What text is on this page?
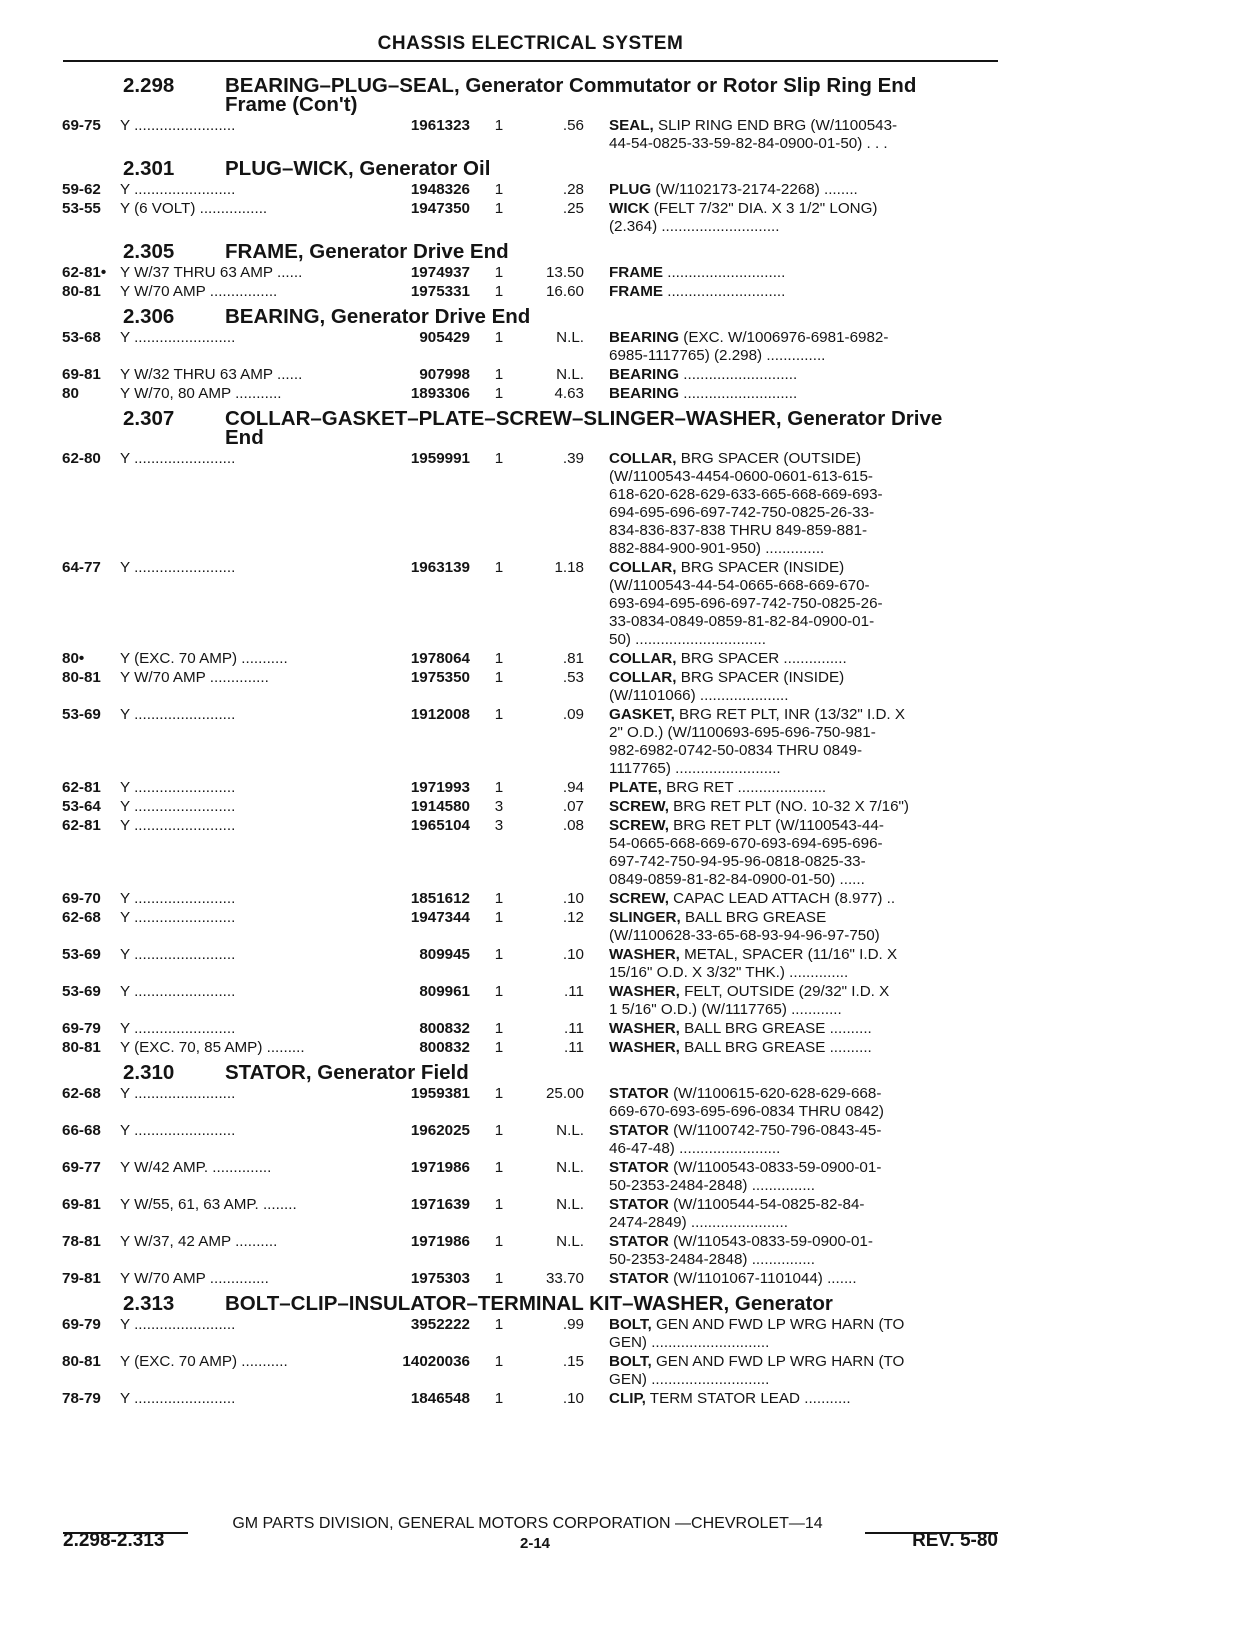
CHASSIS ELECTRICAL SYSTEM
2.298	BEARING–PLUG–SEAL, Generator Commutator or Rotor Slip Ring End
Frame (Con't)
69-75	Y ........................	1961323	1	.56	SEAL, SLIP RING END BRG (W/1100543-
44-54-0825-33-59-82-84-0900-01-50) . . .
2.301	PLUG–WICK, Generator Oil
59-62	Y ........................	1948326	1	.28	PLUG (W/1102173-2174-2268) ........
53-55	Y (6 VOLT) ................	1947350	1	.25	WICK (FELT 7/32" DIA. X 3 1/2" LONG)
(2.364) ............................
2.305	FRAME, Generator Drive End
62-81• Y W/37 THRU 63 AMP ......	1974937	1	13.50	FRAME ............................
80-81	Y W/70 AMP ................	1975331	1	16.60	FRAME ............................
2.306	BEARING, Generator Drive End
53-68	Y ........................	905429	1	N.L.	BEARING (EXC. W/1006976-6981-6982-
6985-1117765) (2.298) ..............
69-81	Y W/32 THRU 63 AMP ......	907998	1	N.L.	BEARING ...........................
80	Y W/70, 80 AMP ...........	1893306	1	4.63	BEARING ...........................
2.307	COLLAR–GASKET–PLATE–SCREW–SLINGER–WASHER, Generator Drive
End
62-80	Y ........................	1959991	1	.39	COLLAR, BRG SPACER (OUTSIDE)
(W/1100543-4454-0600-0601-613-615-
618-620-628-629-633-665-668-669-693-
694-695-696-697-742-750-0825-26-33-
834-836-837-838 THRU 849-859-881-
882-884-900-901-950) ..............
64-77	Y ........................	1963139	1	1.18	COLLAR, BRG SPACER (INSIDE)
(W/1100543-44-54-0665-668-669-670-
693-694-695-696-697-742-750-0825-26-
33-0834-0849-0859-81-82-84-0900-01-
50) ...............................
80•	Y (EXC. 70 AMP) ...........	1978064	1	.81	COLLAR, BRG SPACER ...............
80-81	Y W/70 AMP ..............	1975350	1	.53	COLLAR, BRG SPACER (INSIDE)
(W/1101066) .....................
53-69	Y ........................	1912008	1	.09	GASKET, BRG RET PLT, INR (13/32" I.D. X
2" O.D.) (W/1100693-695-696-750-981-
982-6982-0742-50-0834 THRU 0849-
1117765) .........................
62-81	Y ........................	1971993	1	.94	PLATE, BRG RET .....................
53-64	Y ........................	1914580	3	.07	SCREW, BRG RET PLT (NO. 10-32 X 7/16")
62-81	Y ........................	1965104	3	.08	SCREW, BRG RET PLT (W/1100543-44-
54-0665-668-669-670-693-694-695-696-
697-742-750-94-95-96-0818-0825-33-
0849-0859-81-82-84-0900-01-50) ......
69-70	Y ........................	1851612	1	.10	SCREW, CAPAC LEAD ATTACH (8.977) ..
62-68	Y ........................	1947344	1	.12	SLINGER, BALL BRG GREASE
(W/1100628-33-65-68-93-94-96-97-750)
53-69	Y ........................	809945	1	.10	WASHER, METAL, SPACER (11/16" I.D. X
15/16" O.D. X 3/32" THK.) ..............
53-69	Y ........................	809961	1	.11	WASHER, FELT, OUTSIDE (29/32" I.D. X
1 5/16" O.D.) (W/1117765) ............
69-79	Y ........................	800832	1	.11	WASHER, BALL BRG GREASE ..........
80-81	Y (EXC. 70, 85 AMP) .........	800832	1	.11	WASHER, BALL BRG GREASE ..........
2.310	STATOR, Generator Field
62-68	Y ........................	1959381	1	25.00	STATOR (W/1100615-620-628-629-668-
669-670-693-695-696-0834 THRU 0842)
66-68	Y ........................	1962025	1	N.L.	STATOR (W/1100742-750-796-0843-45-
46-47-48) ........................
69-77	Y W/42 AMP. ..............	1971986	1	N.L.	STATOR (W/1100543-0833-59-0900-01-
50-2353-2484-2848) ...............
69-81	Y W/55, 61, 63 AMP. ........	1971639	1	N.L.	STATOR (W/1100544-54-0825-82-84-
2474-2849) .......................
78-81	Y W/37, 42 AMP ..........	1971986	1	N.L.	STATOR (W/110543-0833-59-0900-01-
50-2353-2484-2848) ...............
79-81	Y W/70 AMP ..............	1975303	1	33.70	STATOR (W/1101067-1101044) .......
2.313	BOLT–CLIP–INSULATOR–TERMINAL KIT–WASHER, Generator
69-79	Y ........................	3952222	1	.99	BOLT, GEN AND FWD LP WRG HARN (TO
GEN) ............................
80-81	Y (EXC. 70 AMP) ...........	14020036	1	.15	BOLT, GEN AND FWD LP WRG HARN (TO
GEN) ............................
78-79	Y ........................	1846548	1	.10	CLIP, TERM STATOR LEAD ...........
GM PARTS DIVISION, GENERAL MOTORS CORPORATION —CHEVROLET—14
2.298-2.313	2-14	REV. 5-80
